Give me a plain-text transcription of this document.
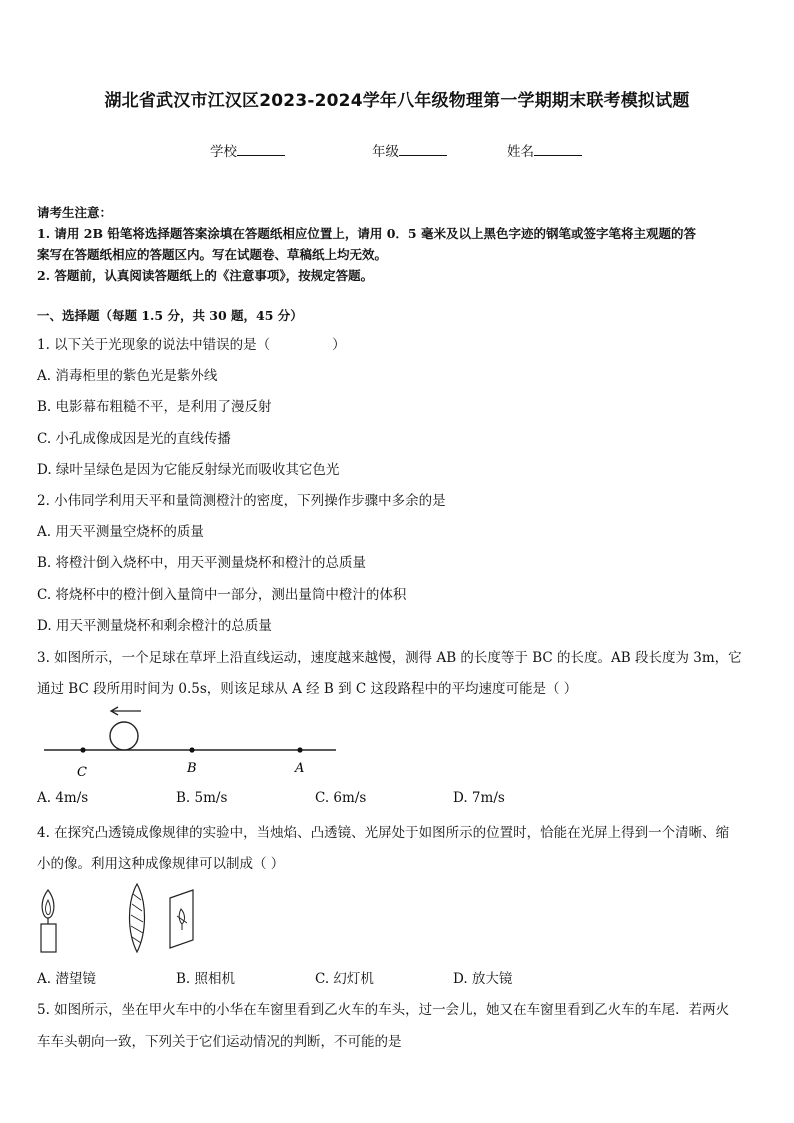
湖北省武汉市江汉区2023-2024学年八年级物理第一学期期末联考模拟试题
学校	年级	姓名
请考生注意：
1. 请用 2B 铅笔将选择题答案涂填在答题纸相应位置上，请用 0．5 毫米及以上黑色字迹的钢笔或签字笔将主观题的答
案写在答题纸相应的答题区内。写在试题卷、草稿纸上均无效。
2. 答题前，认真阅读答题纸上的《注意事项》，按规定答题。
一、选择题（每题 1.5 分，共 30 题，45 分）
1. 以下关于光现象的说法中错误的是（	）
A. 消毒柜里的紫色光是紫外线
B. 电影幕布粗糙不平，是利用了漫反射
C. 小孔成像成因是光的直线传播
D. 绿叶呈绿色是因为它能反射绿光而吸收其它色光
2. 小伟同学利用天平和量筒测橙汁的密度，下列操作步骤中多余的是
A. 用天平测量空烧杯的质量
B. 将橙汁倒入烧杯中，用天平测量烧杯和橙汁的总质量
C. 将烧杯中的橙汁倒入量筒中一部分，测出量筒中橙汁的体积
D. 用天平测量烧杯和剩余橙汁的总质量
3. 如图所示，一个足球在草坪上沿直线运动，速度越来越慢，测得 AB 的长度等于 BC 的长度。AB 段长度为 3m，它
通过 BC 段所用时间为 0.5s，则该足球从 A 经 B 到 C 这段路程中的平均速度可能是（ ）
C	B	A
A. 4m/s	B. 5m/s	C. 6m/s	D. 7m/s
4. 在探究凸透镜成像规律的实验中，当烛焰、凸透镜、光屏处于如图所示的位置时，恰能在光屏上得到一个清晰、缩
小的像。利用这种成像规律可以制成（ ）
A. 潜望镜	B. 照相机	C. 幻灯机	D. 放大镜
5. 如图所示，坐在甲火车中的小华在车窗里看到乙火车的车头，过一会儿，她又在车窗里看到乙火车的车尾．若两火
车车头朝向一致，下列关于它们运动情况的判断，不可能的是
